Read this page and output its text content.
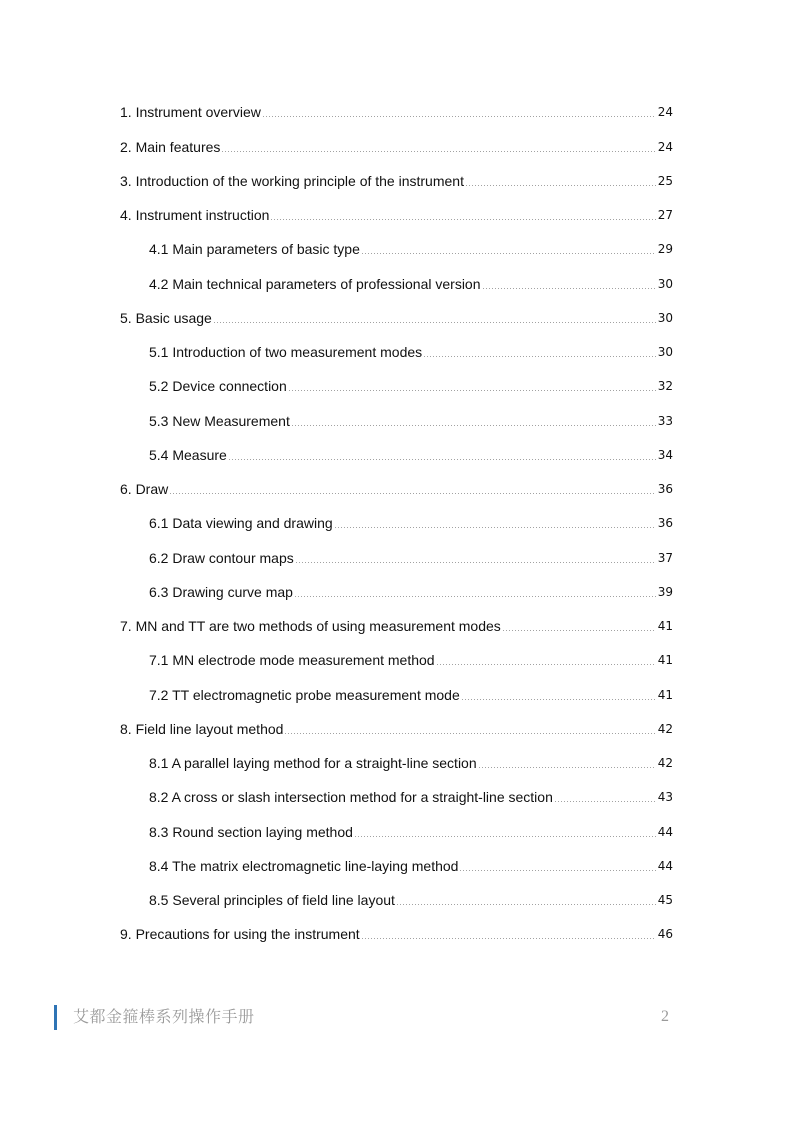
1. Instrument overview	24
2. Main features	24
3. Introduction of the working principle of the instrument	25
4. Instrument instruction	27
4.1 Main parameters of basic type	29
4.2 Main technical parameters of professional version	30
5. Basic usage	30
5.1 Introduction of two measurement modes	30
5.2 Device connection	32
5.3 New Measurement	33
5.4 Measure	34
6. Draw	36
6.1 Data viewing and drawing	36
6.2 Draw contour maps	37
6.3 Drawing curve map	39
7. MN and TT are two methods of using measurement modes	41
7.1 MN electrode mode measurement method	41
7.2 TT electromagnetic probe measurement mode	41
8. Field line layout method	42
8.1 A parallel laying method for a straight-line section	42
8.2 A cross or slash intersection method for a straight-line section	43
8.3 Round section laying method	44
8.4 The matrix electromagnetic line-laying method	44
8.5 Several principles of field line layout	45
9. Precautions for using the instrument	46
艾都金箍棒系列操作手册	2
